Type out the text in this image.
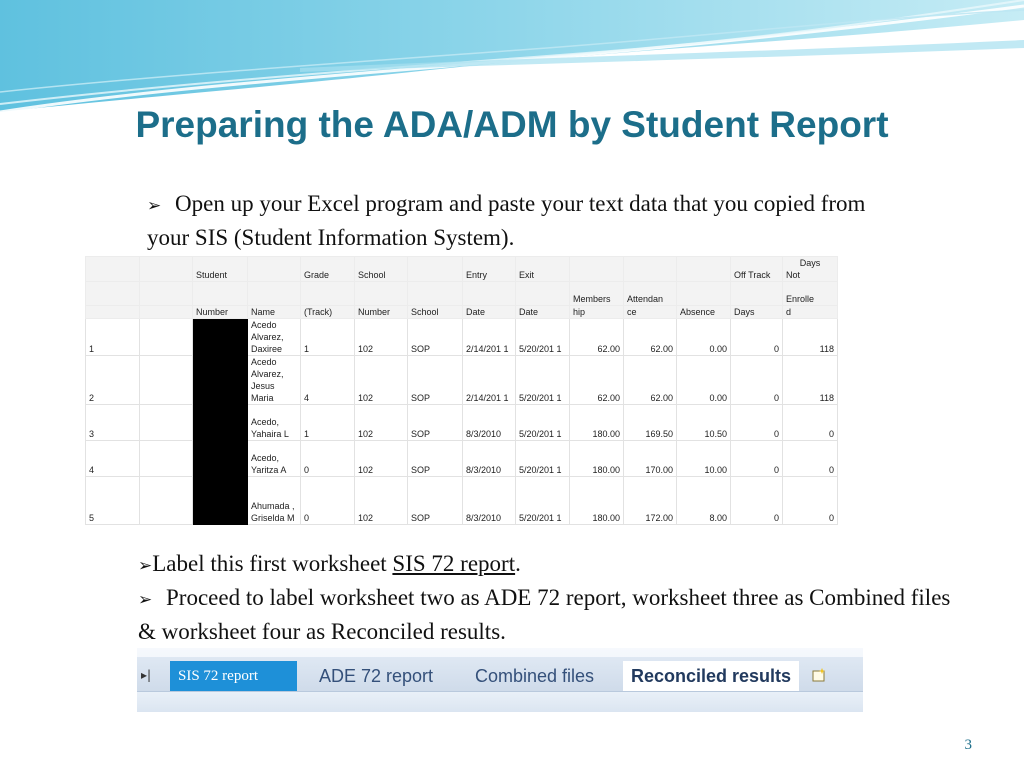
Preparing the ADA/ADM by Student Report
➢ Open up your Excel program and paste your text data that you copied from your SIS (Student Information System).
		Student		Grade	School		Entry	Exit				Off Track	Days
Not
									Members	Attendan			Enrolle
		Number	Name	(Track)	Number	School	Date	Date	hip	ce	Absence	Days	d
1			Acedo Alvarez, Daxiree	1	102	SOP	2/14/201 1	5/20/201 1	62.00	62.00	0.00	0	118
2			Acedo Alvarez, Jesus Maria	4	102	SOP	2/14/201 1	5/20/201 1	62.00	62.00	0.00	0	118
3			Acedo, Yahaira L	1	102	SOP	8/3/2010	5/20/201 1	180.00	169.50	10.50	0	0
4			Acedo, Yaritza A	0	102	SOP	8/3/2010	5/20/201 1	180.00	170.00	10.00	0	0
5			Ahumada , Griselda M	0	102	SOP	8/3/2010	5/20/201 1	180.00	172.00	8.00	0	0
➢Label this first worksheet SIS 72 report.
➢ Proceed to label worksheet two as ADE 72 report, worksheet three as Combined files & worksheet four as Reconciled results.
▸|	SIS 72 report	ADE 72 report Combined files	Reconciled results
3
